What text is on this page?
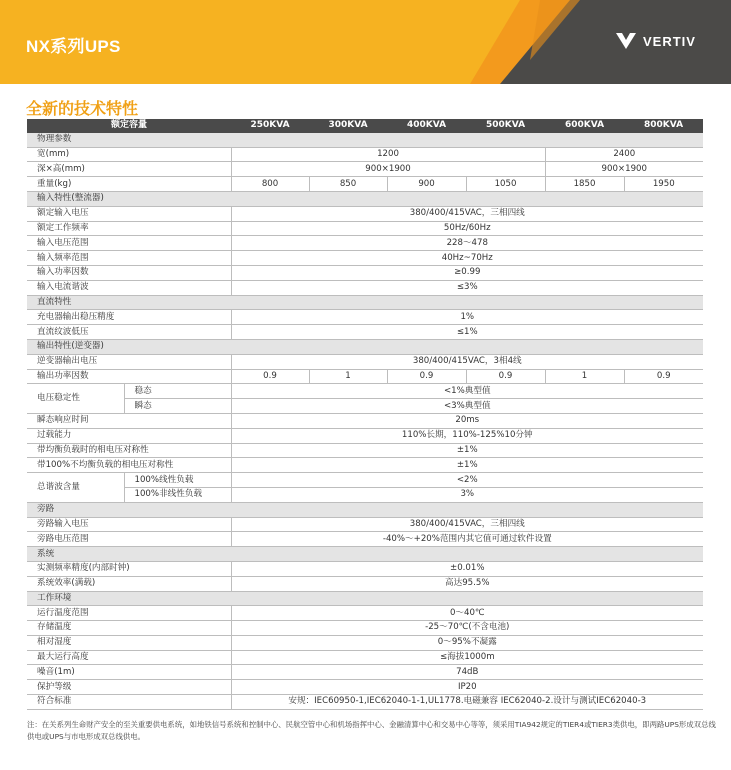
NX系列UPS	VERTIV
全新的技术特性
额定容量		250KVA	300KVA	400KVA	500KVA	600KVA	800KVA
物理参数							
宽(mm)		1200				2400	
深×高(mm)		900×1900				900×1900	
重量(kg)		800	850	900	1050	1850	1950
输入特性(整流器)							
额定输入电压		380/400/415VAC，三相四线					
额定工作频率		50Hz/60Hz					
输入电压范围		228～478					
输入频率范围		40Hz~70Hz					
输入功率因数		≥0.99					
输入电流谐波		≤3%					
直流特性							
充电器输出稳压精度		1%					
直流纹波低压		≤1%					
输出特性(逆变器)							
逆变器输出电压		380/400/415VAC，3相4线					
输出功率因数		0.9	1	0.9	0.9	1	0.9
电压稳定性	稳态	<1%典型值					
	瞬态	<3%典型值					
瞬态响应时间		20ms					
过载能力		110%长期，110%-125%10分钟					
带均衡负载时的相电压对称性		±1%					
带100%不均衡负载的相电压对称性		±1%					
总谐波含量	100%线性负载	<2%					
	100%非线性负载	3%					
旁路							
旁路输入电压		380/400/415VAC，三相四线					
旁路电压范围		-40%～+20%范围内其它值可通过软件设置					
系统							
实测频率精度(内部时钟)		±0.01%					
系统效率(满载)		高达95.5%					
工作环境							
运行温度范围		0～40℃					
存储温度		-25～70℃(不含电池)					
相对湿度		0～95%不凝露					
最大运行高度		≤海拔1000m					
噪音(1m)		74dB					
保护等级		IP20					
符合标准		安规：IEC60950-1,IEC62040-1-1,UL1778.电磁兼容 IEC62040-2.设计与测试IEC62040-3					
注：在关系列生命财产安全的至关重要供电系统，如地铁信号系统和控制中心、民航空管中心和机场指挥中心、金融清算中心和交易中心等等，须采用TIA942规定的TIER4或TIER3类供电，即两路UPS形成双总线供电或UPS与市电形成双总线供电。
